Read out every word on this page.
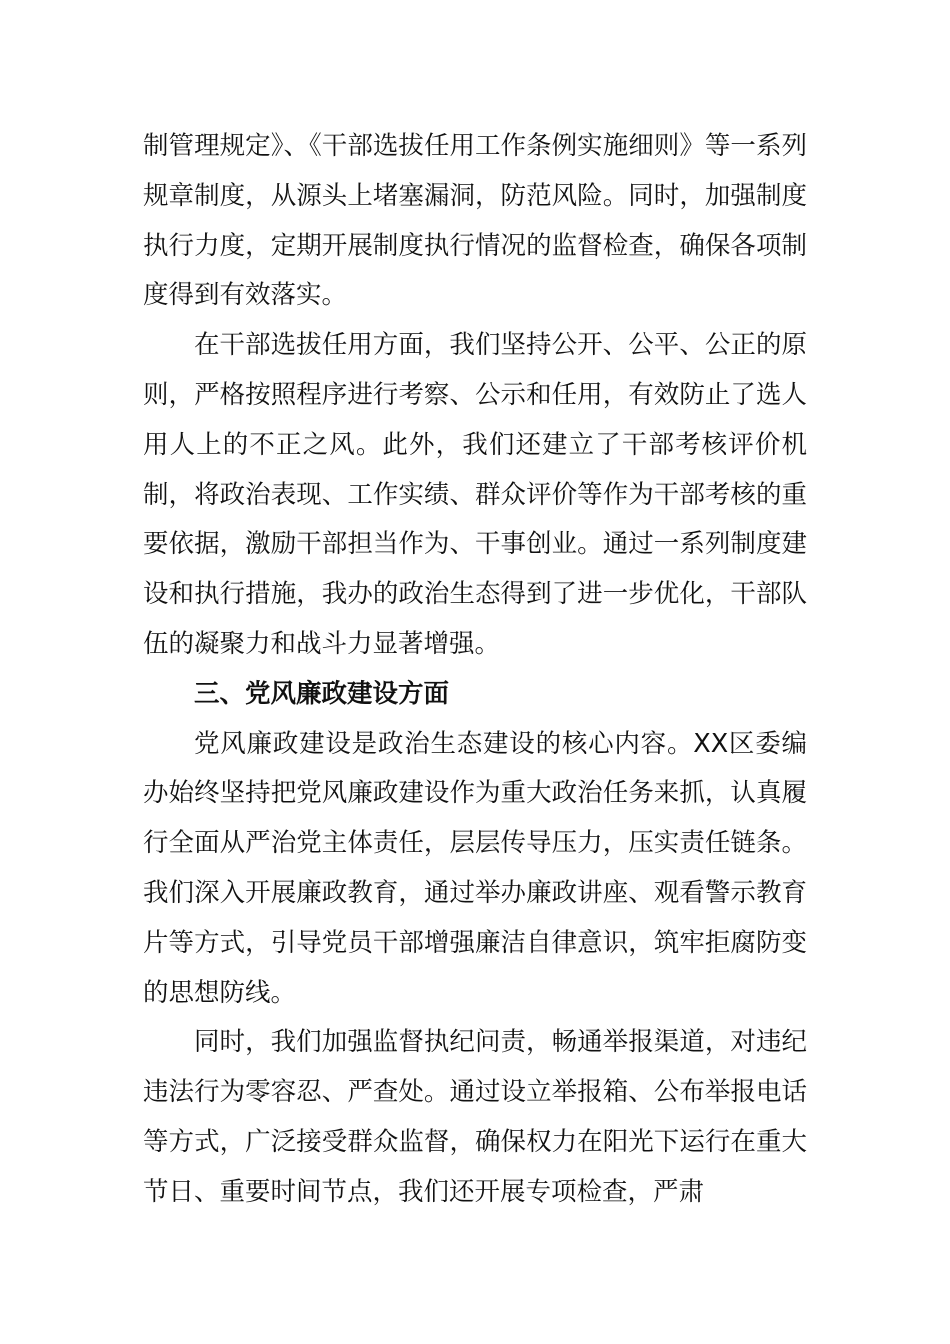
制管理规定》、《干部选拔任用工作条例实施细则》等一系列规章制度，从源头上堵塞漏洞，防范风险。同时，加强制度执行力度，定期开展制度执行情况的监督检查，确保各项制度得到有效落实。

在干部选拔任用方面，我们坚持公开、公平、公正的原则，严格按照程序进行考察、公示和任用，有效防止了选人用人上的不正之风。此外，我们还建立了干部考核评价机制，将政治表现、工作实绩、群众评价等作为干部考核的重要依据，激励干部担当作为、干事创业。通过一系列制度建设和执行措施，我办的政治生态得到了进一步优化，干部队伍的凝聚力和战斗力显著增强。

三、党风廉政建设方面

党风廉政建设是政治生态建设的核心内容。XX区委编办始终坚持把党风廉政建设作为重大政治任务来抓，认真履行全面从严治党主体责任，层层传导压力，压实责任链条。我们深入开展廉政教育，通过举办廉政讲座、观看警示教育片等方式，引导党员干部增强廉洁自律意识，筑牢拒腐防变的思想防线。

同时，我们加强监督执纪问责，畅通举报渠道，对违纪违法行为零容忍、严查处。通过设立举报箱、公布举报电话等方式，广泛接受群众监督，确保权力在阳光下运行在重大节日、重要时间节点，我们还开展专项检查，严肃
